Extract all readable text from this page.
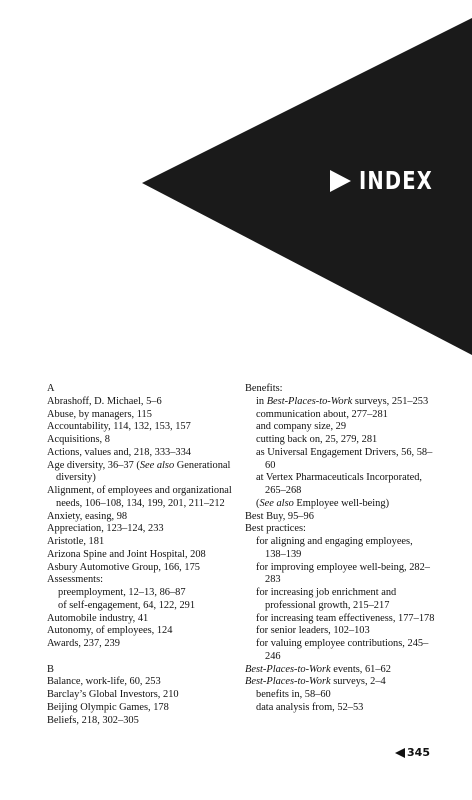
INDEX
A
Abrashoff, D. Michael, 5–6
Abuse, by managers, 115
Accountability, 114, 132, 153, 157
Acquisitions, 8
Actions, values and, 218, 333–334
Age diversity, 36–37 (See also Generational diversity)
Alignment, of employees and organizational needs, 106–108, 134, 199, 201, 211–212
Anxiety, easing, 98
Appreciation, 123–124, 233
Aristotle, 181
Arizona Spine and Joint Hospital, 208
Asbury Automotive Group, 166, 175
Assessments:
preemployment, 12–13, 86–87
of self-engagement, 64, 122, 291
Automobile industry, 41
Autonomy, of employees, 124
Awards, 237, 239
B
Balance, work-life, 60, 253
Barclay’s Global Investors, 210
Beijing Olympic Games, 178
Beliefs, 218, 302–305
Benefits:
in Best-Places-to-Work surveys, 251–253
communication about, 277–281
and company size, 29
cutting back on, 25, 279, 281
as Universal Engagement Drivers, 56, 58–60
at Vertex Pharmaceuticals Incorporated, 265–268
(See also Employee well-being)
Best Buy, 95–96
Best practices:
for aligning and engaging employees, 138–139
for improving employee well-being, 282–283
for increasing job enrichment and professional growth, 215–217
for increasing team effectiveness, 177–178
for senior leaders, 102–103
for valuing employee contributions, 245–246
Best-Places-to-Work events, 61–62
Best-Places-to-Work surveys, 2–4
benefits in, 58–60
data analysis from, 52–53
345
